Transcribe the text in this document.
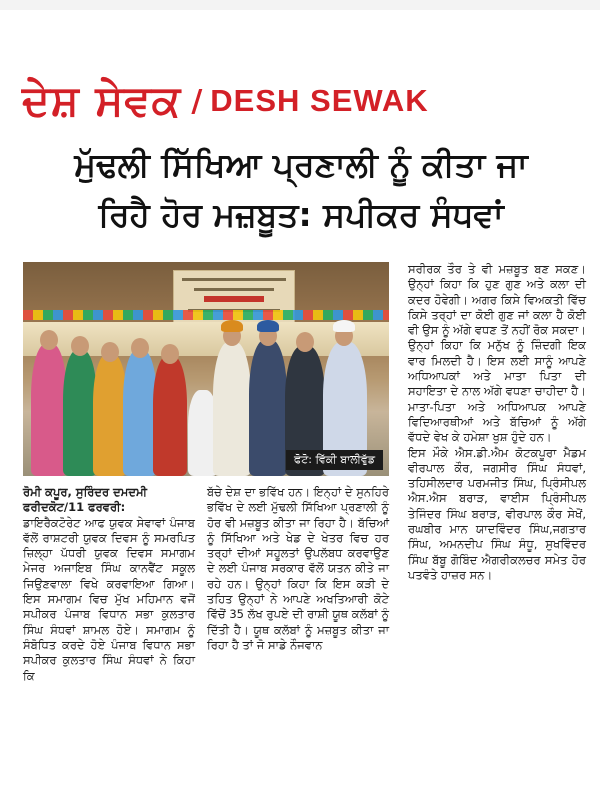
ਦੇਸ਼ ਸੇਵਕ / DESH SEWAK
ਮੁੱਢਲੀ ਸਿੱਖਿਆ ਪ੍ਰਣਾਲੀ ਨੂੰ ਕੀਤਾ ਜਾ
ਰਿਹੈ ਹੋਰ ਮਜ਼ਬੂਤ: ਸਪੀਕਰ ਸੰਧਵਾਂ
ਫੋਟੋ: ਵਿੱਕੀ ਬਾਲੀਵੁੱਡ

ਰੋਮੀ ਕਪੂਰ, ਸੁਰਿੰਦਰ ਦਮਦਮੀ

ਫਰੀਦਕੋਟ/11 ਫਰਵਰੀ:

ਡਾਇਰੈਕਟੋਰੇਟ ਆਫ ਯੁਵਕ ਸੇਵਾਵਾਂ ਪੰਜਾਬ ਵੱਲੋਂ ਰਾਸ਼ਟਰੀ ਯੁਵਕ ਦਿਵਸ ਨੂੰ ਸਮਰਪਿਤ ਜ਼ਿਲ੍ਹਾ ਪੱਧਰੀ ਯੁਵਕ ਦਿਵਸ ਸਮਾਗਮ ਮੇਜਰ ਅਜਾਇਬ ਸਿੰਘ ਕਾਨਵੈਂਟ ਸਕੂਲ ਜਿਉਣਵਾਲਾ ਵਿਖੇ ਕਰਵਾਇਆ ਗਿਆ। ਇਸ ਸਮਾਗਮ ਵਿਚ ਮੁੱਖ ਮਹਿਮਾਨ ਵਜੋਂ ਸਪੀਕਰ ਪੰਜਾਬ ਵਿਧਾਨ ਸਭਾ ਕੁਲਤਾਰ ਸਿੰਘ ਸੰਧਵਾਂ ਸ਼ਾਮਲ ਹੋਏ। ਸਮਾਗਮ ਨੂੰ ਸੰਬੋਧਿਤ ਕਰਦੇ ਹੋਏ ਪੰਜਾਬ ਵਿਧਾਨ ਸਭਾ ਸਪੀਕਰ ਕੁਲਤਾਰ ਸਿੰਘ ਸੰਧਵਾਂ ਨੇ ਕਿਹਾ ਕਿ

ਬੱਚੇ ਦੇਸ਼ ਦਾ ਭਵਿੱਖ ਹਨ। ਇਨ੍ਹਾਂ ਦੇ ਸੁਨਹਿਰੇ ਭਵਿੱਖ ਦੇ ਲਈ ਮੁੱਢਲੀ ਸਿੱਖਿਆ ਪ੍ਰਣਾਲੀ ਨੂੰ ਹੋਰ ਵੀ ਮਜ਼ਬੂਤ ਕੀਤਾ ਜਾ ਰਿਹਾ ਹੈ। ਬੱਚਿਆਂ ਨੂੰ ਸਿੱਖਿਆ ਅਤੇ ਖੇਡ ਦੇ ਖੇਤਰ ਵਿਚ ਹਰ ਤਰ੍ਹਾਂ ਦੀਆਂ ਸਹੂਲਤਾਂ ਉਪਲੱਬਧ ਕਰਵਾਉਣ ਦੇ ਲਈ ਪੰਜਾਬ ਸਰਕਾਰ ਵੱਲੋਂ ਯਤਨ ਕੀਤੇ ਜਾ ਰਹੇ ਹਨ। ਉਨ੍ਹਾਂ ਕਿਹਾ ਕਿ ਇਸ ਕੜੀ ਦੇ ਤਹਿਤ ਉਨ੍ਹਾਂ ਨੇ ਆਪਣੇ ਅਖਤਿਆਰੀ ਕੋਟੇ ਵਿੱਚੋਂ 35 ਲੱਖ ਰੁਪਏ ਦੀ ਰਾਸ਼ੀ ਯੂਥ ਕਲੱਬਾਂ ਨੂੰ ਦਿੱਤੀ ਹੈ। ਯੂਥ ਕਲੱਬਾਂ ਨੂੰ ਮਜ਼ਬੂਤ ਕੀਤਾ ਜਾ ਰਿਹਾ ਹੈ ਤਾਂ ਜੋ ਸਾਡੇ ਨੌਜਵਾਨ

ਸਰੀਰਕ ਤੌਰ ਤੇ ਵੀ ਮਜ਼ਬੂਤ ਬਣ ਸਕਣ। ਉਨ੍ਹਾਂ ਕਿਹਾ ਕਿ ਹੁਣ ਗੁਣ ਅਤੇ ਕਲਾ ਦੀ ਕਦਰ ਹੋਵੇਗੀ। ਅਗਰ ਕਿਸੇ ਵਿਅਕਤੀ ਵਿੱਚ ਕਿਸੇ ਤਰ੍ਹਾਂ ਦਾ ਕੋਈ ਗੁਣ ਜਾਂ ਕਲਾ ਹੈ ਕੋਈ ਵੀ ਉਸ ਨੂੰ ਅੱਗੇ ਵਧਣ ਤੋਂ ਨਹੀਂ ਰੋਕ ਸਕਦਾ। ਉਨ੍ਹਾਂ ਕਿਹਾ ਕਿ ਮਨੁੱਖ ਨੂੰ ਜ਼ਿੰਦਗੀ ਇਕ ਵਾਰ ਮਿਲਦੀ ਹੈ। ਇਸ ਲਈ ਸਾਨੂੰ ਆਪਣੇ ਅਧਿਆਪਕਾਂ ਅਤੇ ਮਾਤਾ ਪਿਤਾ ਦੀ ਸਹਾਇਤਾ ਦੇ ਨਾਲ ਅੱਗੇ ਵਧਣਾ ਚਾਹੀਦਾ ਹੈ। ਮਾਤਾ-ਪਿਤਾ ਅਤੇ ਅਧਿਆਪਕ ਆਪਣੇ ਵਿਦਿਆਰਥੀਆਂ ਅਤੇ ਬੱਚਿਆਂ ਨੂੰ ਅੱਗੇ ਵੱਧਦੇ ਵੇਖ ਕੇ ਹਮੇਸ਼ਾ ਖੁਸ਼ ਹੁੰਦੇ ਹਨ।

ਇਸ ਮੌਕੇ ਐਸ.ਡੀ.ਐਮ ਕੋਟਕਪੂਰਾ ਮੈਡਮ ਵੀਰਪਾਲ ਕੌਰ, ਜਗਸੀਰ ਸਿੰਘ ਸੰਧਵਾਂ, ਤਹਿਸੀਲਦਾਰ ਪਰਮਜੀਤ ਸਿੰਘ, ਪ੍ਰਿੰਸੀਪਲ ਐਸ.ਐਸ ਬਰਾੜ, ਵਾਈਸ ਪ੍ਰਿੰਸੀਪਲ ਤੇਜਿੰਦਰ ਸਿੰਘ ਬਰਾੜ, ਵੀਰਪਾਲ ਕੌਰ ਸੇਖੋਂ, ਰਘਬੀਰ ਮਾਨ ਯਾਦਵਿੰਦਰ ਸਿੰਘ,ਜਗਤਾਰ ਸਿੰਘ, ਅਮਨਦੀਪ ਸਿੰਘ ਸੰਧੂ, ਸੁਖਵਿੰਦਰ ਸਿੰਘ ਬੱਬੂ ਗੋਬਿੰਦ ਐਗਰੀਕਲਚਰ ਸਮੇਤ ਹੋਰ ਪਤਵੰਤੇ ਹਾਜ਼ਰ ਸਨ।
